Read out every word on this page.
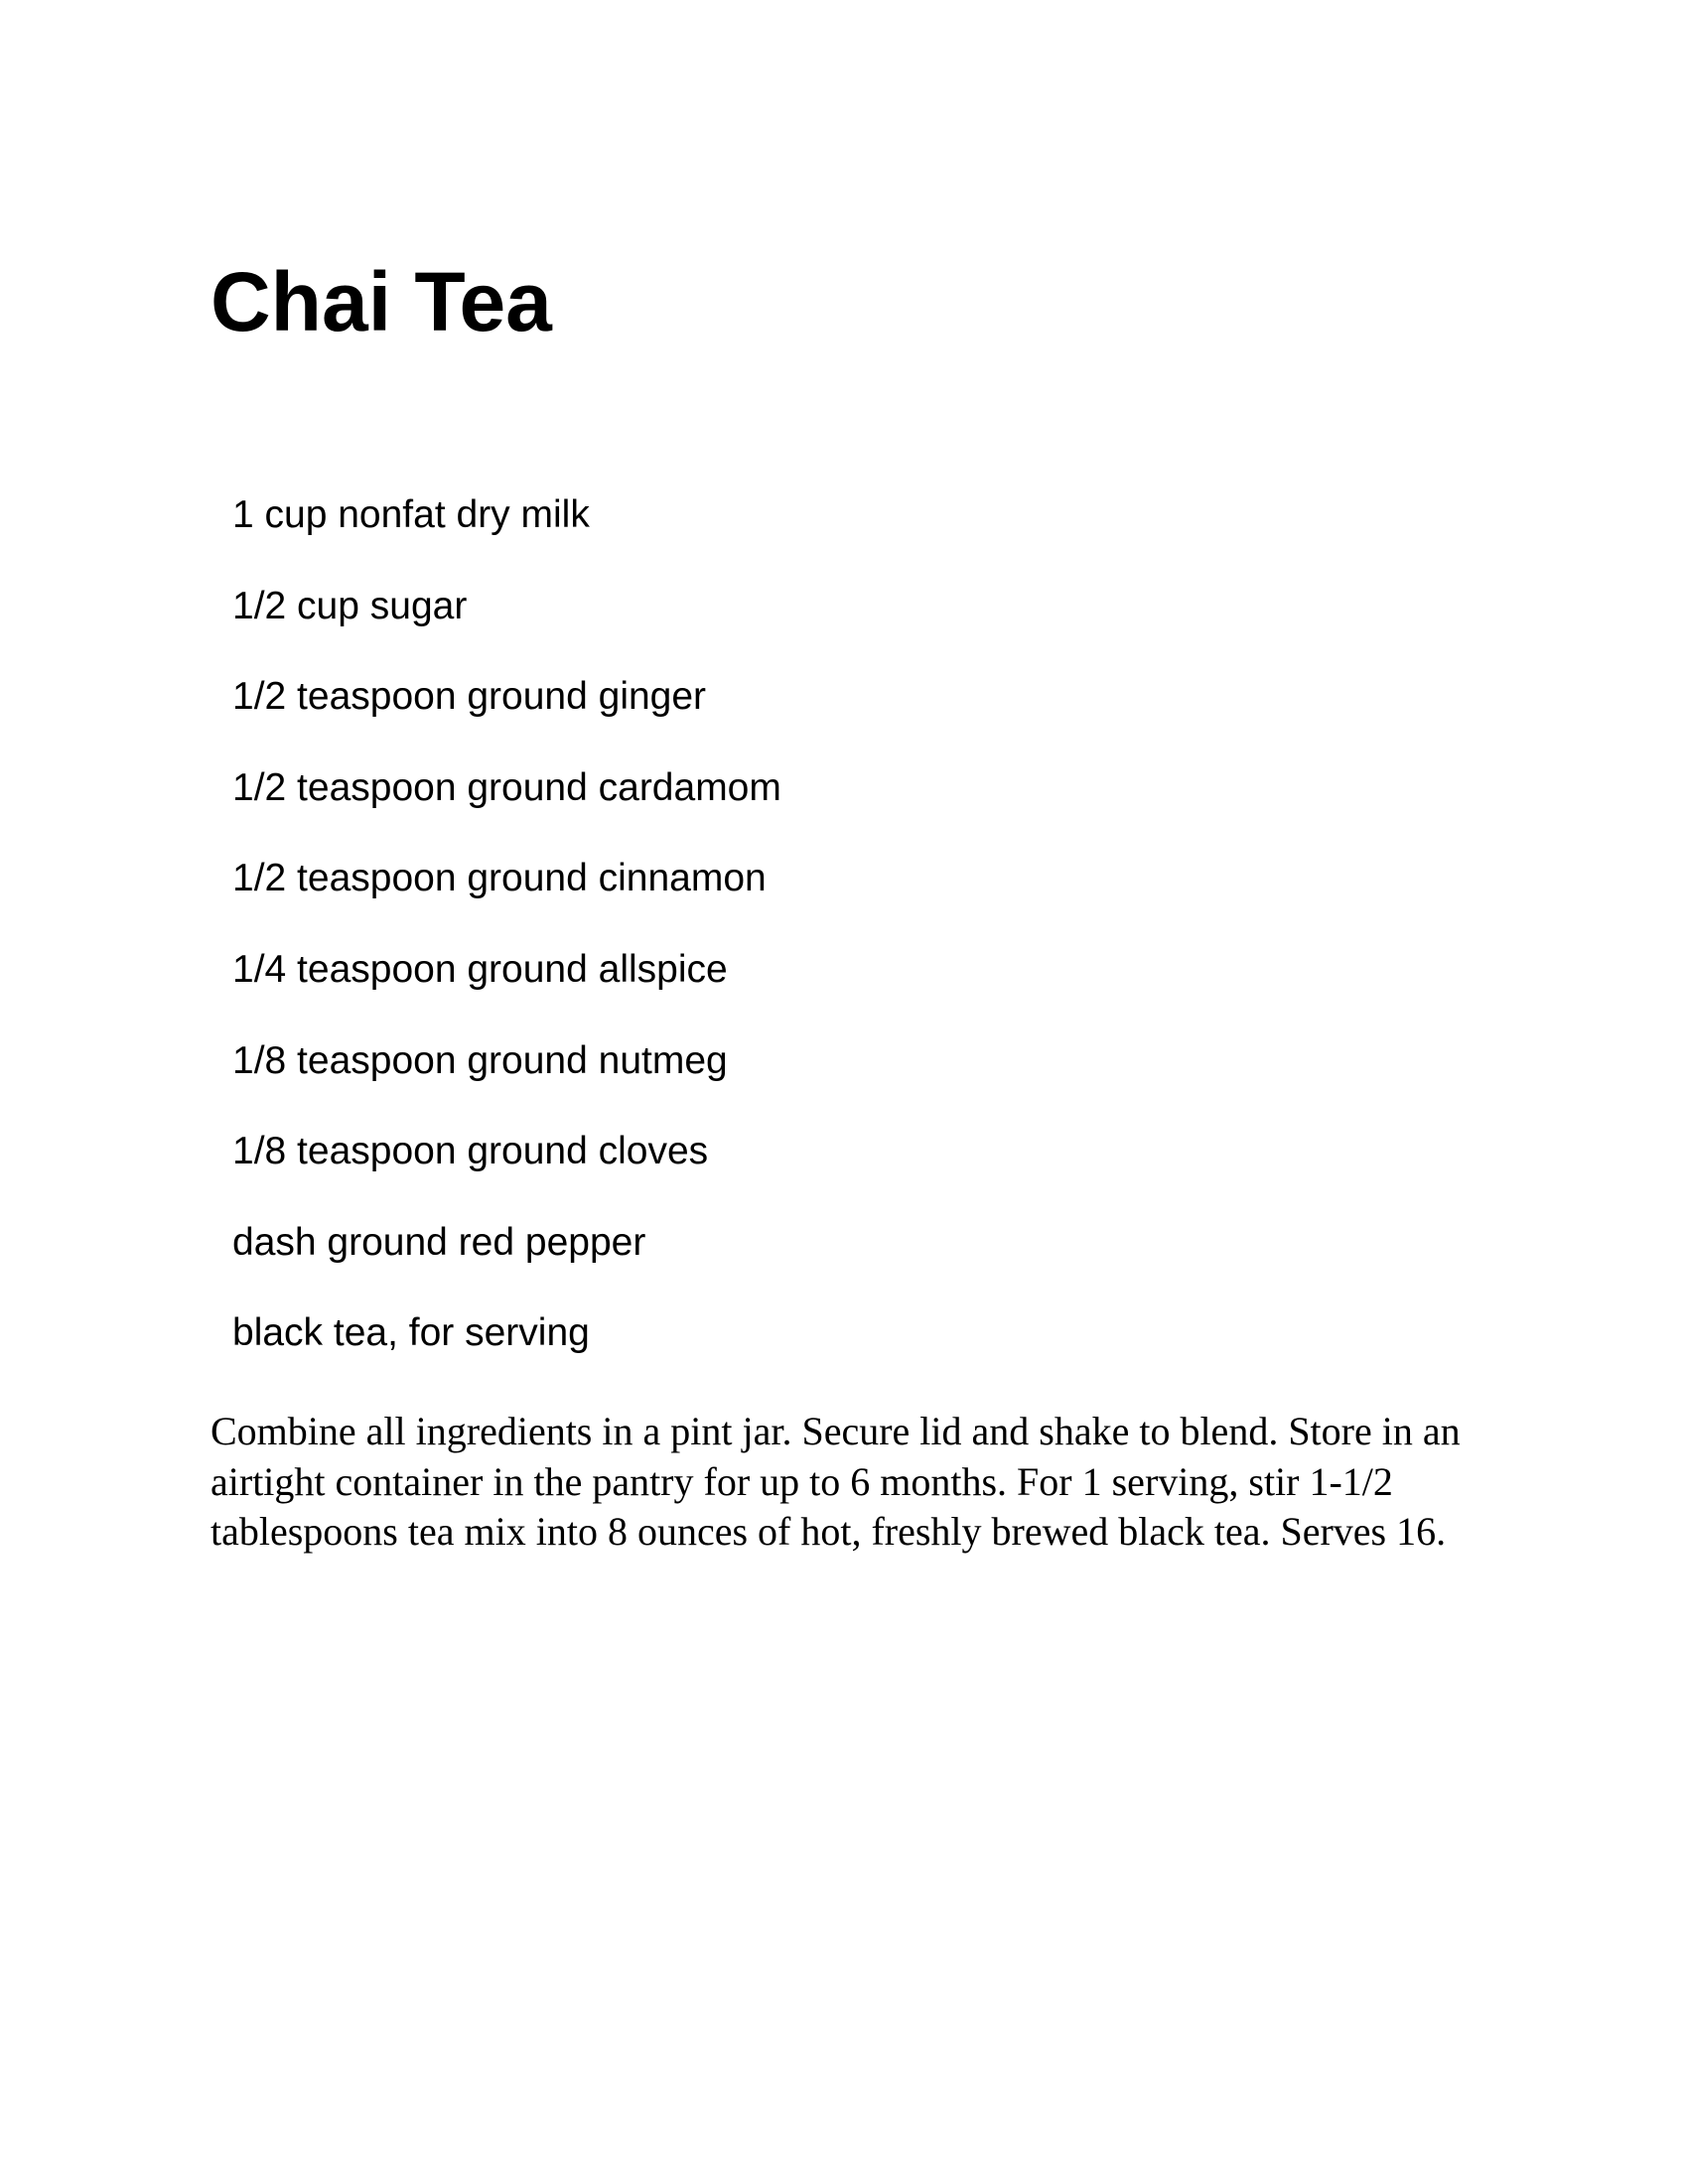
Chai Tea
1 cup nonfat dry milk
1/2 cup sugar
1/2 teaspoon ground ginger
1/2 teaspoon ground cardamom
1/2 teaspoon ground cinnamon
1/4 teaspoon ground allspice
1/8 teaspoon ground nutmeg
1/8 teaspoon ground cloves
dash ground red pepper
black tea, for serving

Combine all ingredients in a pint jar. Secure lid and shake to blend. Store in an airtight container in the pantry for up to 6 months. For 1 serving, stir 1-1/2 tablespoons tea mix into 8 ounces of hot, freshly brewed black tea. Serves 16.
